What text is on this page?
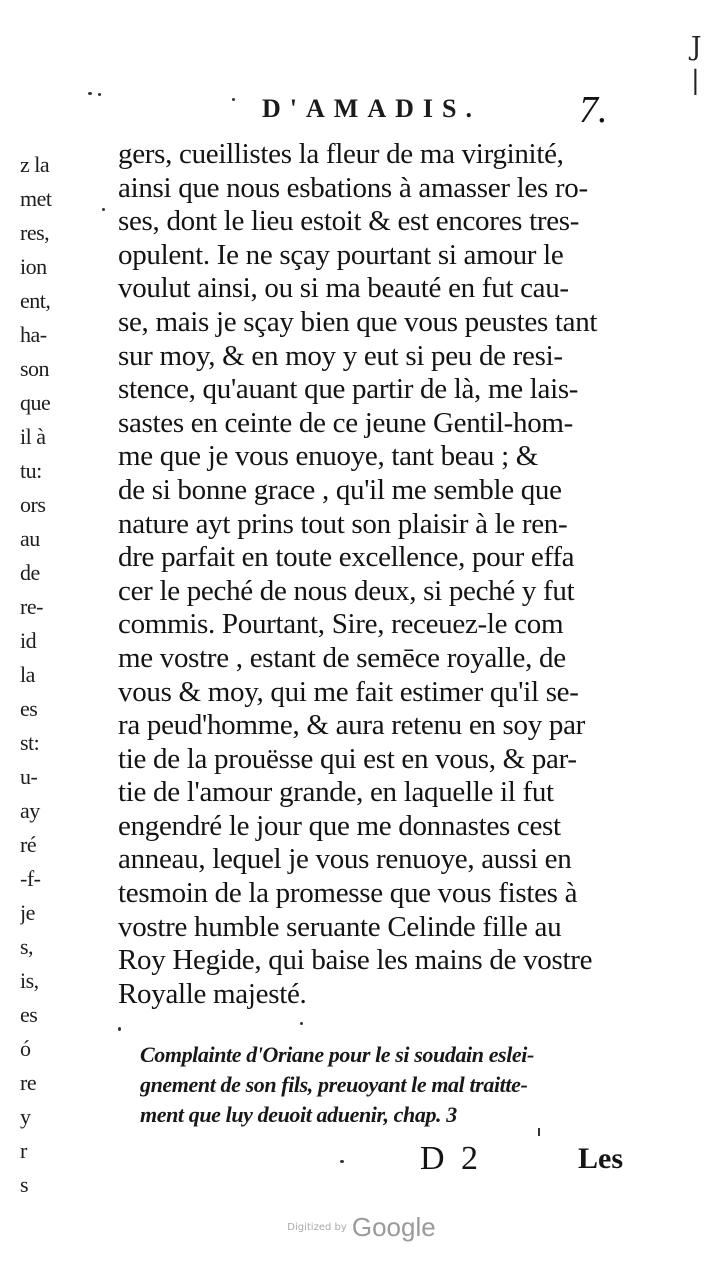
z la
met
res,
ion
ent,
ha-
son
que
il à
tu:
ors
au
de
re-
id
la
es
st:
u-
ay
ré
-f-
je
s,
is,
es
ó
re
y
r
s
J
|
D'AMADIS.	7.
gers, cueillistes la fleur de ma virginité,
ainsi que nous esbations à amasser les ro-
ses, dont le lieu estoit & est encores tres-
opulent. Ie ne sçay pourtant si amour le
voulut ainsi, ou si ma beauté en fut cau-
se, mais je sçay bien que vous peustes tant
sur moy, & en moy y eut si peu de resi-
stence, qu'auant que partir de là, me lais-
sastes en ceinte de ce jeune Gentil-hom-
me que je vous enuoye, tant beau ; &
de si bonne grace , qu'il me semble que
nature ayt prins tout son plaisir à le ren-
dre parfait en toute excellence, pour effa
cer le peché de nous deux, si peché y fut
commis. Pourtant, Sire, receuez-le com
me vostre , estant de semēce royalle, de
vous & moy, qui me fait estimer qu'il se-
ra peud'homme, & aura retenu en soy par
tie de la prouësse qui est en vous, & par-
tie de l'amour grande, en laquelle il fut
engendré le jour que me donnastes cest
anneau, lequel je vous renuoye, aussi en
tesmoin de la promesse que vous fistes à
vostre humble seruante Celinde fille au
Roy Hegide, qui baise les mains de vostre
Royalle majesté.
Complainte d'Oriane pour le si soudain eslei-
gnement de son fils, preuoyant le mal traitte-
ment que luy deuoit aduenir, chap. 3
D 2	Les
Digitized by Google
